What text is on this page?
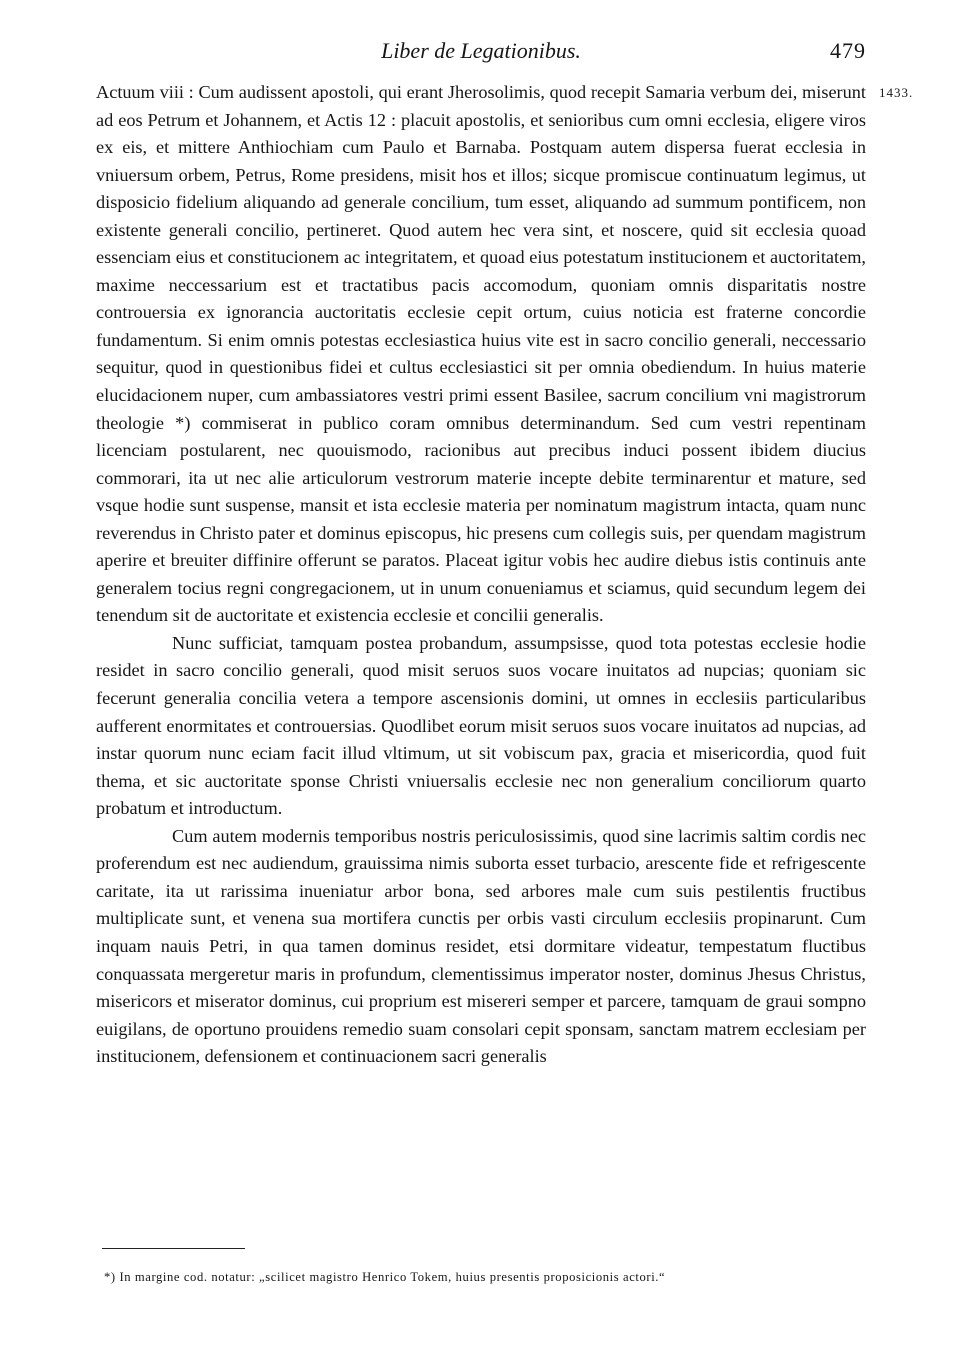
Liber de Legationibus.	479
1433.

Actuum viii : Cum audissent apostoli, qui erant Jherosolimis, quod recepit Samaria verbum dei, miserunt ad eos Petrum et Johannem, et Actis 12 : placuit apostolis, et senioribus cum omni ecclesia, eligere viros ex eis, et mittere Anthiochiam cum Paulo et Barnaba. Postquam autem dispersa fuerat ecclesia in vniuersum orbem, Petrus, Rome presidens, misit hos et illos; sicque promiscue continuatum legimus, ut disposicio fidelium aliquando ad generale concilium, tum esset, aliquando ad summum pontificem, non existente generali concilio, pertineret. Quod autem hec vera sint, et noscere, quid sit ecclesia quoad essenciam eius et constitucionem ac integritatem, et quoad eius potestatum institucionem et auctoritatem, maxime neccessarium est et tractatibus pacis accomodum, quoniam omnis disparitatis nostre controuersia ex ignorancia auctoritatis ecclesie cepit ortum, cuius noticia est fraterne concordie fundamentum. Si enim omnis potestas ecclesiastica huius vite est in sacro concilio generali, neccessario sequitur, quod in questionibus fidei et cultus ecclesiastici sit per omnia obediendum. In huius materie elucidacionem nuper, cum ambassiatores vestri primi essent Basilee, sacrum concilium vni magistrorum theologie *) commiserat in publico coram omnibus determinandum. Sed cum vestri repentinam licenciam postularent, nec quouismodo, racionibus aut precibus induci possent ibidem diucius commorari, ita ut nec alie articulorum vestrorum materie incepte debite terminarentur et mature, sed vsque hodie sunt suspense, mansit et ista ecclesie materia per nominatum magistrum intacta, quam nunc reverendus in Christo pater et dominus episcopus, hic presens cum collegis suis, per quendam magistrum aperire et breuiter diffinire offerunt se paratos. Placeat igitur vobis hec audire diebus istis continuis ante generalem tocius regni congregacionem, ut in unum conueniamus et sciamus, quid secundum legem dei tenendum sit de auctoritate et existencia ecclesie et concilii generalis.

Nunc sufficiat, tamquam postea probandum, assumpsisse, quod tota potestas ecclesie hodie residet in sacro concilio generali, quod misit seruos suos vocare inuitatos ad nupcias; quoniam sic fecerunt generalia concilia vetera a tempore ascensionis domini, ut omnes in ecclesiis particularibus aufferent enormitates et controuersias. Quodlibet eorum misit seruos suos vocare inuitatos ad nupcias, ad instar quorum nunc eciam facit illud vltimum, ut sit vobiscum pax, gracia et misericordia, quod fuit thema, et sic auctoritate sponse Christi vniuersalis ecclesie nec non generalium conciliorum quarto probatum et introductum.

Cum autem modernis temporibus nostris periculosissimis, quod sine lacrimis saltim cordis nec proferendum est nec audiendum, grauissima nimis suborta esset turbacio, arescente fide et refrigescente caritate, ita ut rarissima inueniatur arbor bona, sed arbores male cum suis pestilentis fructibus multiplicate sunt, et venena sua mortifera cunctis per orbis vasti circulum ecclesiis propinarunt. Cum inquam nauis Petri, in qua tamen dominus residet, etsi dormitare videatur, tempestatum fluctibus conquassata mergeretur maris in profundum, clementissimus imperator noster, dominus Jhesus Christus, misericors et miserator dominus, cui proprium est misereri semper et parcere, tamquam de graui sompno euigilans, de oportuno prouidens remedio suam consolari cepit sponsam, sanctam matrem ecclesiam per institucionem, defensionem et continuacionem sacri generalis

*) In margine cod. notatur: „scilicet magistro Henrico Tokem, huius presentis proposicionis actori.“
